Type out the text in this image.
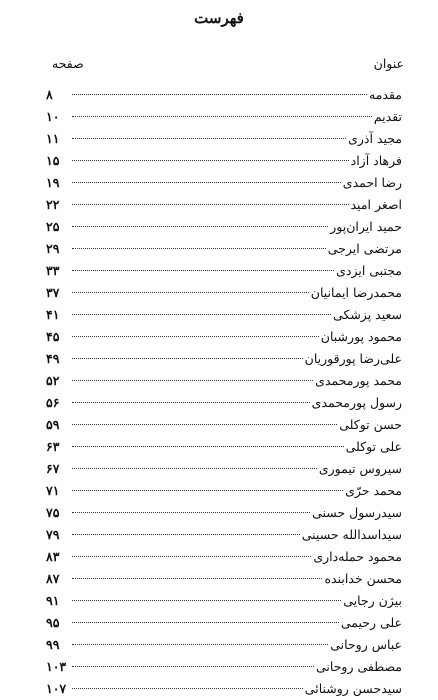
فهرست
عنوان
صفحه
مقدمه
۸
تقدیم
۱۰
مجید آذری
۱۱
فرهاد آزاد
۱۵
رضا احمدی
۱۹
اصغر امید
۲۲
حمید ایران‌پور
۲۵
مرتضی ایرجی
۲۹
مجتبی ایزدی
۳۳
محمدرضا ایمانیان
۳۷
سعید پزشکی
۴۱
محمود پورشبان
۴۵
علی‌رضا پورقوریان
۴۹
محمد پورمحمدی
۵۲
رسول پورمحمدی
۵۶
حسن توکلی
۵۹
علی توکلی
۶۳
سیروس تیموری
۶۷
محمد حرّی
۷۱
سیدرسول حسنی
۷۵
سیداسدالله حسینی
۷۹
محمود حمله‌داری
۸۳
محسن خدابنده
۸۷
بیژن رجایی
۹۱
علی رحیمی
۹۵
عباس روحانی
۹۹
مصطفی روحانی
۱۰۳
سیدحسن روشنائی
۱۰۷
